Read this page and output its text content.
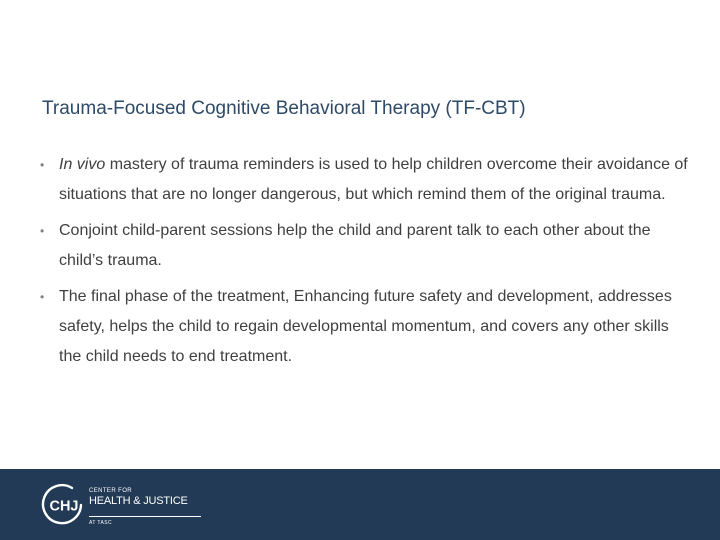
Trauma-Focused Cognitive Behavioral Therapy (TF-CBT)
• In vivo mastery of trauma reminders is used to help children overcome their avoidance of situations that are no longer dangerous, but which remind them of the original trauma.
• Conjoint child-parent sessions help the child and parent talk to each other about the child’s trauma.
• The final phase of the treatment, Enhancing future safety and development, addresses safety, helps the child to regain developmental momentum, and covers any other skills the child needs to end treatment.
CHJ
CENTER FOR
HEALTH & JUSTICE
AT TASC
